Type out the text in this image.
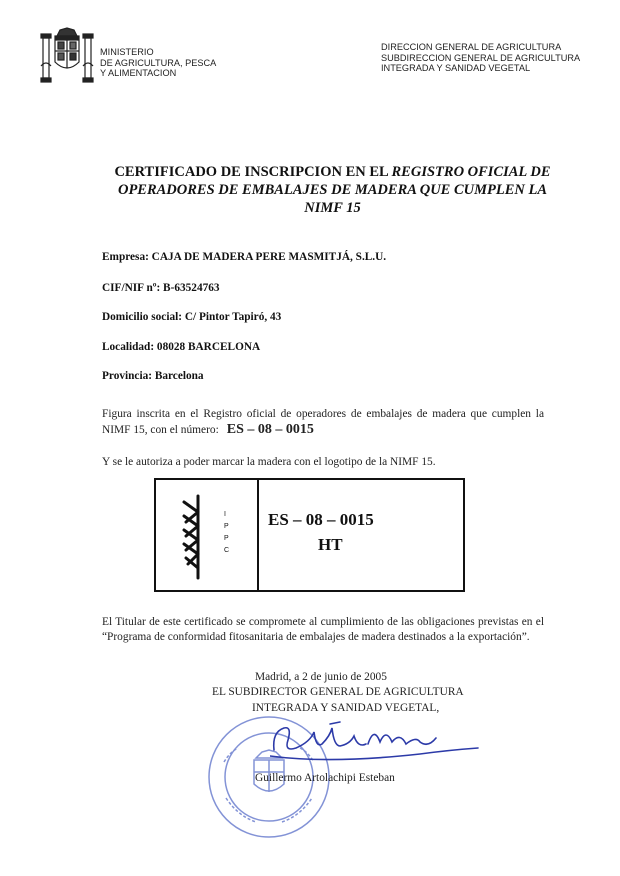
MINISTERIO
DE AGRICULTURA, PESCA
Y ALIMENTACION
DIRECCION GENERAL DE AGRICULTURA
SUBDIRECCION GENERAL DE AGRICULTURA
INTEGRADA Y SANIDAD VEGETAL
CERTIFICADO DE INSCRIPCION EN EL REGISTRO OFICIAL DE
OPERADORES DE EMBALAJES DE MADERA QUE CUMPLEN LA
NIMF 15
Empresa: CAJA DE MADERA PERE MASMITJÁ, S.L.U.
CIF/NIF nº: B-63524763
Domicilio social: C/ Pintor Tapiró, 43
Localidad: 08028 BARCELONA
Provincia: Barcelona
Figura inscrita en el Registro oficial de operadores de embalajes de madera que cumplen la NIMF 15, con el número: ES – 08 – 0015
Y se le autoriza a poder marcar la madera con el logotipo de la NIMF 15.
I
P
P
C
ES – 08 – 0015
HT
El Titular de este certificado se compromete al cumplimiento de las obligaciones previstas en el “Programa de conformidad fitosanitaria de embalajes de madera destinados a la exportación”.
Madrid, a 2 de junio de 2005
EL SUBDIRECTOR GENERAL DE AGRICULTURA
INTEGRADA Y SANIDAD VEGETAL,
Guillermo Artolachipi Esteban
